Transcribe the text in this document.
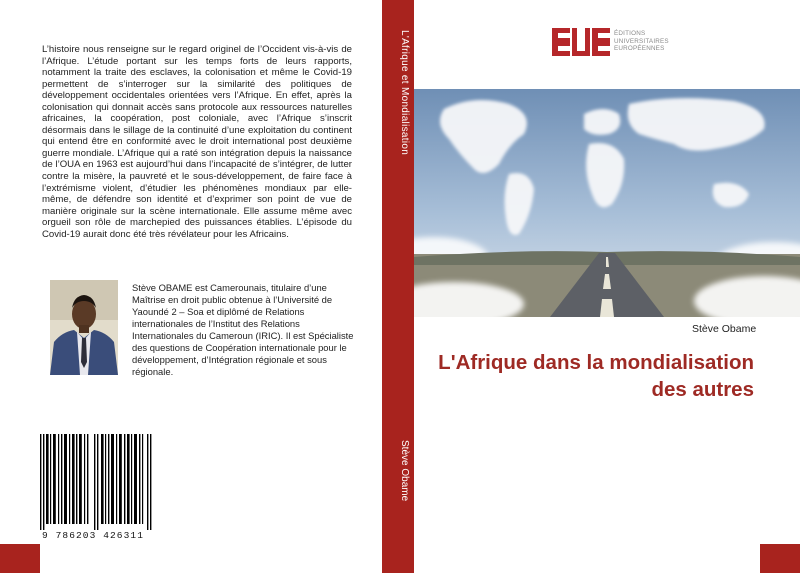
L’histoire nous renseigne sur le regard originel de l’Occident vis-à-vis de l’Afrique. L’étude portant sur les temps forts de leurs rapports, notamment la traite des esclaves, la colonisation et même le Covid-19 permettent de s’interroger sur la similarité des politiques de développement occidentales orientées vers l’Afrique. En effet, après la colonisation qui donnait accès sans protocole aux ressources naturelles africaines, la coopération, post coloniale, avec l’Afrique s’inscrit désormais dans le sillage de la continuité d’une exploitation du continent qui entend être en conformité avec le droit international post deuxième guerre mondiale. L’Afrique qui a raté son intégration depuis la naissance de l’OUA en 1963 est aujourd’hui dans l’incapacité de s’intégrer, de lutter contre la misère, la pauvreté et le sous-développement, de faire face à l’extrémisme violent, d’étudier les phénomènes mondiaux par elle-même, de défendre son identité et d’exprimer son point de vue de manière originale sur la scène internationale. Elle assume même avec orgueil son rôle de marchepied des puissances établies. L’épisode du Covid-19 aurait donc été très révélateur pour les Africains.

Stève OBAME est Camerounais, titulaire d’une Maîtrise en droit public obtenue à l’Université de Yaoundé 2 – Soa et diplômé de Relations internationales de l’Institut des Relations Internationales du Cameroun (IRIC). Il est Spécialiste des questions de Coopération internationale pour le développement, d’Intégration régionale et sous régionale.

9 786203 426311
L'Afrique et Mondialisation
Stève Obame
ÉDITIONS
UNIVERSITAIRES
EUROPÉENNES
Stève Obame
L'Afrique dans la mondialisation des autres
